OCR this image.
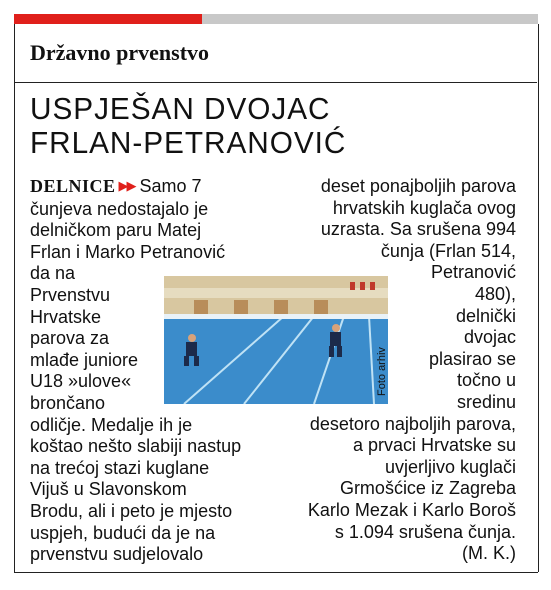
Državno prvenstvo
USPJEŠAN DVOJAC
FRLAN-PETRANOVIĆ
DELNICE ▶▶ Samo 7
čunjeva nedostajalo je
delničkom paru Matej
Frlan i Marko Petranović
da na
Prvenstvu
Hrvatske
parova za
mlađe juniore
U18 »ulove«
brončano
odličje. Medalje ih je
koštao nešto slabiji nastup
na trećoj stazi kuglane
Vijuš u Slavonskom
Brodu, ali i peto je mjesto
uspjeh, budući da je na
prvenstvu sudjelovalo
deset ponajboljih parova
hrvatskih kuglača ovog
uzrasta. Sa srušena 994
čunja (Frlan 514,
Petranović
480),
delnički
dvojac
plasirao se
točno u
sredinu
desetoro najboljih parova,
a prvaci Hrvatske su
uvjerljivo kuglači
Grmošćice iz Zagreba
Karlo Mezak i Karlo Boroš
s 1.094 srušena čunja.
(M. K.)

Foto arhiv
